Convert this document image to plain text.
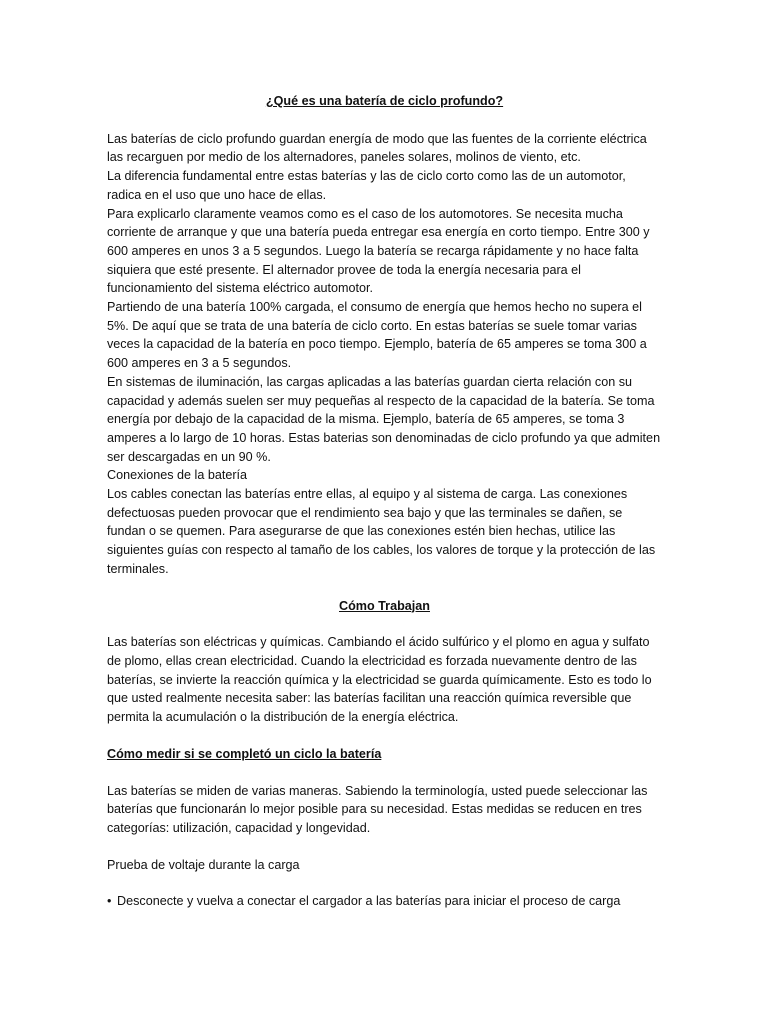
¿Qué es una batería de ciclo profundo?

Las baterías de ciclo profundo guardan energía de modo que las fuentes de la corriente eléctrica las recarguen por medio de los alternadores, paneles solares, molinos de viento, etc.

La diferencia fundamental entre estas baterías y las de ciclo corto como las de un automotor, radica en el uso que uno hace de ellas.

Para explicarlo claramente veamos como es el caso de los automotores. Se necesita mucha corriente de arranque y que una batería pueda entregar esa energía en corto tiempo. Entre 300 y 600 amperes en unos 3 a 5 segundos. Luego la batería se recarga rápidamente y no hace falta siquiera que esté presente. El alternador provee de toda la energía necesaria para el funcionamiento del sistema eléctrico automotor.

Partiendo de una batería 100% cargada, el consumo de energía que hemos hecho no supera el 5%. De aquí que se trata de una batería de ciclo corto. En estas baterías se suele tomar varias veces la capacidad de la batería en poco tiempo. Ejemplo, batería de 65 amperes se toma 300 a 600 amperes en 3 a 5 segundos.

En sistemas de iluminación, las cargas aplicadas a las baterías guardan cierta relación con su capacidad y además suelen ser muy pequeñas al respecto de la capacidad de la batería. Se toma energía por debajo de la capacidad de la misma. Ejemplo, batería de 65 amperes, se toma 3 amperes a lo largo de 10 horas. Estas baterias son denominadas de ciclo profundo ya que admiten ser descargadas en un 90 %.

Conexiones de la batería

Los cables conectan las baterías entre ellas, al equipo y al sistema de carga. Las conexiones defectuosas pueden provocar que el rendimiento sea bajo y que las terminales se dañen, se fundan o se quemen. Para asegurarse de que las conexiones estén bien hechas, utilice las siguientes guías con respecto al tamaño de los cables, los valores de torque y la protección de las terminales.

Cómo Trabajan

Las baterías son eléctricas y químicas. Cambiando el ácido sulfúrico y el plomo en agua y sulfato de plomo, ellas crean electricidad. Cuando la electricidad es forzada nuevamente dentro de las baterías, se invierte la reacción química y la electricidad se guarda químicamente. Esto es todo lo que usted realmente necesita saber: las baterías facilitan una reacción química reversible que permita la acumulación o la distribución de la energía eléctrica.

Cómo medir si se completó un ciclo la batería

Las baterías se miden de varias maneras. Sabiendo la terminología, usted puede seleccionar las baterías que funcionarán lo mejor posible para su necesidad. Estas medidas se reducen en tres categorías: utilización, capacidad y longevidad.

Prueba de voltaje durante la carga

• Desconecte y vuelva a conectar el cargador a las baterías para iniciar el proceso de carga
